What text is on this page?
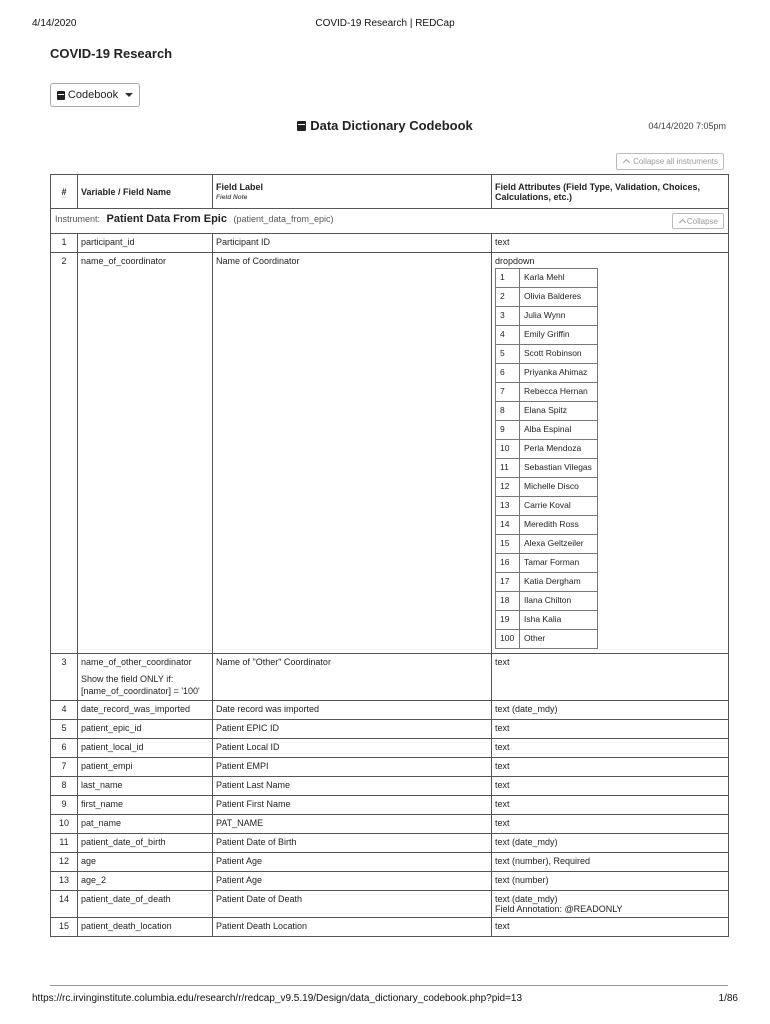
4/14/2020	COVID-19 Research | REDCap
COVID-19 Research
Codebook
Data Dictionary Codebook	04/14/2020 7:05pm
Collapse all instruments
#	Variable / Field Name	Field Label
Field Note
	Field Attributes (Field Type, Validation, Choices, Calculations, etc.)
Instrument: Patient Data From Epic (patient_data_from_epic)	Collapse

1	participant_id	Participant ID	text

2	name_of_coordinator	Name of Coordinator	dropdown
1	Karla Mehl
2	Olivia Balderes
3	Julia Wynn
4	Emily Griffin
5	Scott Robinson
6	Priyanka Ahimaz
7	Rebecca Hernan
8	Elana Spitz
9	Alba Espinal
10	Perla Mendoza
11	Sebastian Vilegas
12	Michelle Disco
13	Carrie Koval
14	Meredith Ross
15	Alexa Geltzeiler
16	Tamar Forman
17	Katia Dergham
18	Ilana Chilton
19	Isha Kalia
100	Other

3	name_of_other_coordinator
Show the field ONLY if:
[name_of_coordinator] = '100'
	Name of "Other" Coordinator	text

4	date_record_was_imported	Date record was imported	text (date_mdy)

5	patient_epic_id	Patient EPIC ID	text

6	patient_local_id	Patient Local ID	text

7	patient_empi	Patient EMPI	text

8	last_name	Patient Last Name	text

9	first_name	Patient First Name	text

10	pat_name	PAT_NAME	text

11	patient_date_of_birth	Patient Date of Birth	text (date_mdy)

12	age	Patient Age	text (number), Required

13	age_2	Patient Age	text (number)

14	patient_date_of_death	Patient Date of Death	text (date_mdy)
Field Annotation: @READONLY

15	patient_death_location	Patient Death Location	text
https://rc.irvinginstitute.columbia.edu/research/r/redcap_v9.5.19/Design/data_dictionary_codebook.php?pid=13	1/86
